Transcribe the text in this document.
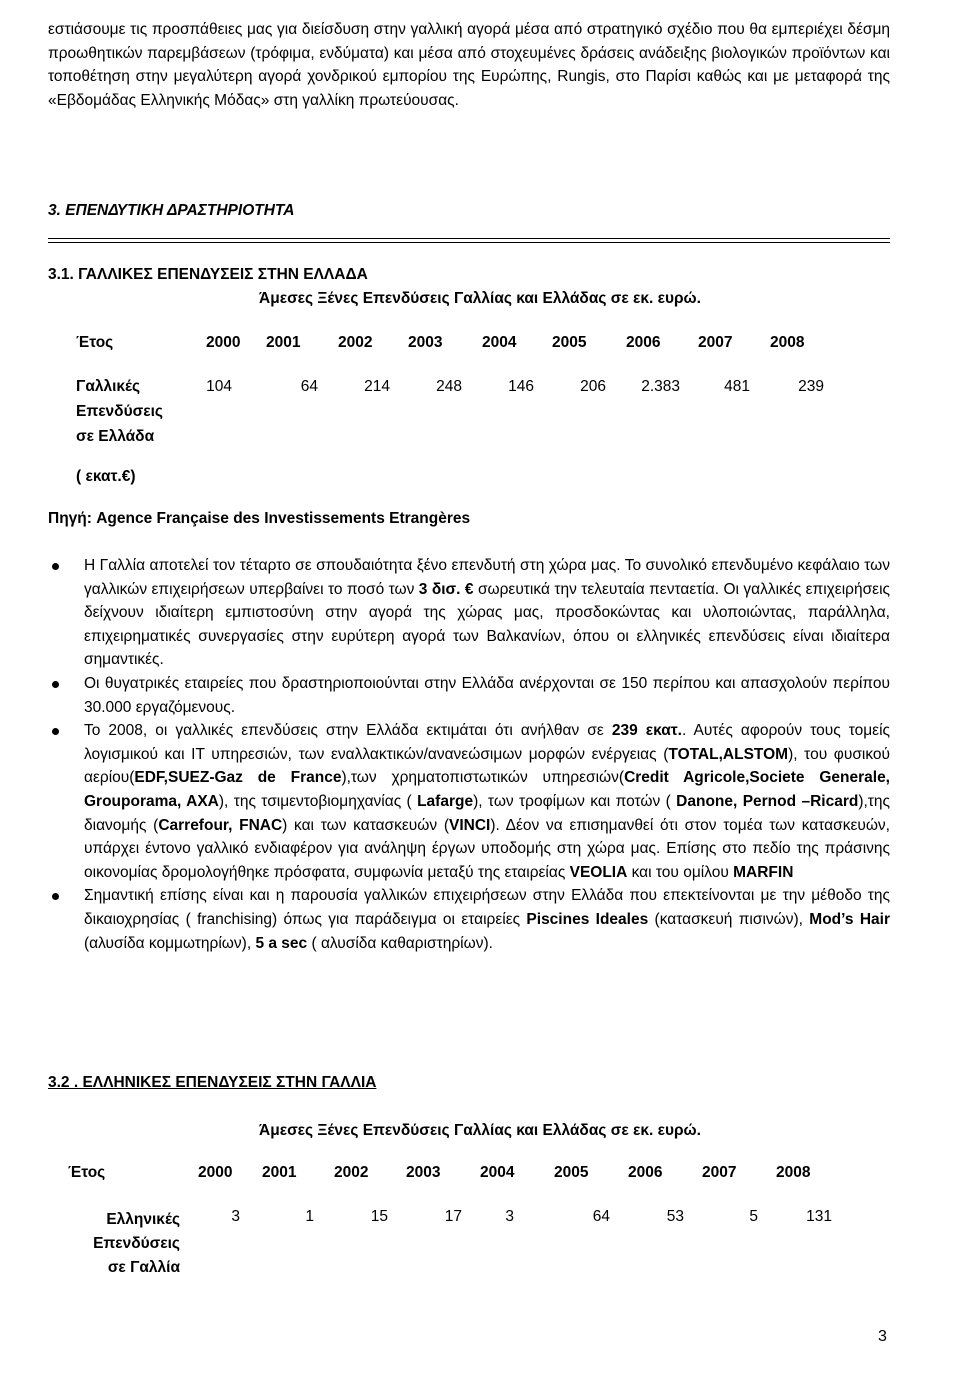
εστιάσουμε τις προσπάθειες μας για διείσδυση στην γαλλική αγορά μέσα από στρατηγικό σχέδιο που θα εμπεριέχει δέσμη προωθητικών παρεμβάσεων (τρόφιμα, ενδύματα) και μέσα από στοχευμένες δράσεις ανάδειξης βιολογικών προϊόντων και τοποθέτηση στην μεγαλύτερη αγορά χονδρικού εμπορίου της Ευρώπης, Rungis, στο Παρίσι καθώς και με μεταφορά της «Εβδομάδας Ελληνικής Μόδας» στη γαλλίκη πρωτεύουσας.

3. ΕΠΕΝΔΥΤΙΚΗ ΔΡΑΣΤΗΡΙΟΤΗΤΑ

3.1. ΓΑΛΛΙΚΕΣ ΕΠΕΝΔΥΣΕΙΣ ΣΤΗΝ ΕΛΛΑΔΑ

Άμεσες Ξένες Επενδύσεις Γαλλίας και Ελλάδας σε εκ. ευρώ.

Έτος

Γαλλικές
Επενδύσεις
σε Ελλάδα
2000 2001 2002 2003	2004 2005	2006 2007 2008
104	64	214	248	146	206	2.383	481	239

( εκατ.€)

Πηγή: Agence Française des Investissements Etrangères

Η Γαλλία αποτελεί τον τέταρτο σε σπουδαιότητα ξένο επενδυτή στη χώρα μας. Το συνολικό επενδυμένο κεφάλαιο των γαλλικών επιχειρήσεων υπερβαίνει το ποσό των 3 δισ. € σωρευτικά την τελευταία πενταετία. Οι γαλλικές επιχειρήσεις δείχνουν ιδιαίτερη εμπιστοσύνη στην αγορά της χώρας μας, προσδοκώντας και υλοποιώντας, παράλληλα, επιχειρηματικές συνεργασίες στην ευρύτερη αγορά των Βαλκανίων, όπου οι ελληνικές επενδύσεις είναι ιδιαίτερα σημαντικές.
Οι θυγατρικές εταιρείες που δραστηριοποιούνται στην Ελλάδα ανέρχονται σε 150 περίπου και απασχολούν περίπου 30.000 εργαζόμενους.
Το 2008, οι γαλλικές επενδύσεις στην Ελλάδα εκτιμάται ότι ανήλθαν σε 239 εκατ.. Αυτές αφορούν τους τομείς λογισμικού και IT υπηρεσιών, των εναλλακτικών/ανανεώσιμων μορφών ενέργειας (TOTAL,ALSTOM), του φυσικού αερίου(EDF,SUEZ-Gaz de France),των χρηματοπιστωτικών υπηρεσιών(Credit Agricole,Societe Generale, Grouporama, AXA), της τσιμεντοβιομηχανίας ( Lafarge), των τροφίμων και ποτών ( Danone, Pernod –Ricard),της διανομής (Carrefour, FNAC) και των κατασκευών (VINCI). Δέον να επισημανθεί ότι στον τομέα των κατασκευών, υπάρχει έντονο γαλλικό ενδιαφέρον για ανάληψη έργων υποδομής στη χώρα μας. Επίσης στο πεδίο της πράσινης οικονομίας δρομολογήθηκε πρόσφατα, συμφωνία μεταξύ της εταιρείας VEOLIA και του ομίλου MARFIN
Σημαντική επίσης είναι και η παρουσία γαλλικών επιχειρήσεων στην Ελλάδα που επεκτείνονται με την μέθοδο της δικαιοχρησίας ( franchising) όπως για παράδειγμα οι εταιρείες Piscines Ideales (κατασκευή πισινών), Mod’s Hair (αλυσίδα κομμωτηρίων), 5 a sec ( αλυσίδα καθαριστηρίων).

3.2 . ΕΛΛΗΝΙΚΕΣ ΕΠΕΝΔΥΣΕΙΣ ΣΤΗΝ ΓΑΛΛΙΑ

Άμεσες Ξένες Επενδύσεις Γαλλίας και Ελλάδας σε εκ. ευρώ.

Έτος	2000 2001 2002 2003	2004	2005	2006	2007	2008
Ελληνικές
Επενδύσεις
σε Γαλλία
3	1	15	17	3	64	53	5	131
3
